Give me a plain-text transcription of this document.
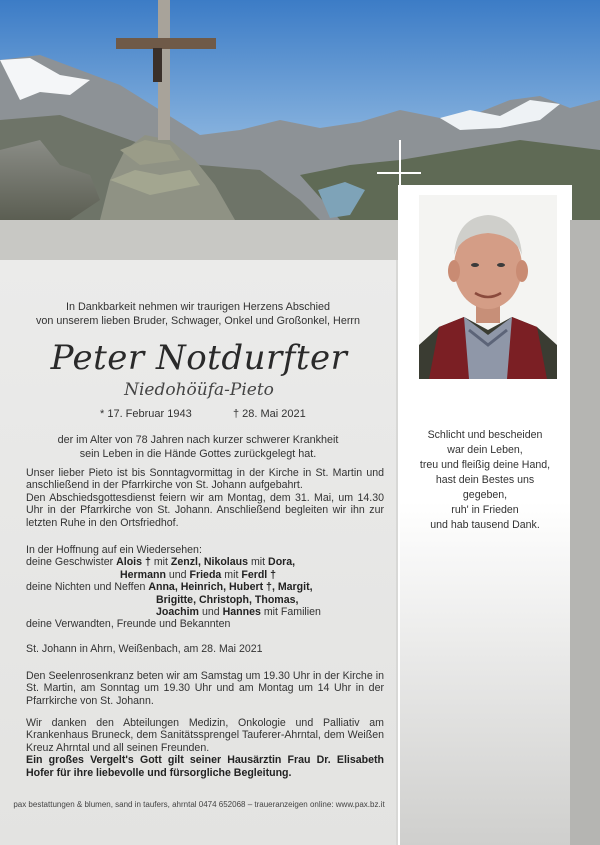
Schlicht und bescheiden
war dein Leben,
treu und fleißig deine Hand,
hast dein Bestes uns
gegeben,
ruh' in Frieden
und hab tausend Dank.
In Dankbarkeit nehmen wir traurigen Herzens Abschied
von unserem lieben Bruder, Schwager, Onkel und Großonkel, Herrn
Peter Notdurfter
Niedohöüfa-Pieto
* 17. Februar 1943	† 28. Mai 2021
der im Alter von 78 Jahren nach kurzer schwerer Krankheit
sein Leben in die Hände Gottes zurückgelegt hat.

Unser lieber Pieto ist bis Sonntagvormittag in der Kirche in St. Martin und anschließend in der Pfarrkirche von St. Johann aufgebahrt.

Den Abschiedsgottesdienst feiern wir am Montag, dem 31. Mai, um 14.30 Uhr in der Pfarrkirche von St. Johann. Anschließend begleiten wir ihn zur letzten Ruhe in den Ortsfriedhof.

In der Hoffnung auf ein Wiedersehen:
deine Geschwister Alois † mit Zenzl, Nikolaus mit Dora,
Hermann und Frieda mit Ferdl †
deine Nichten und Neffen Anna, Heinrich, Hubert †, Margit,
Brigitte, Christoph, Thomas,
Joachim und Hannes mit Familien
deine Verwandten, Freunde und Bekannten
St. Johann in Ahrn, Weißenbach, am 28. Mai 2021
Den Seelenrosenkranz beten wir am Samstag um 19.30 Uhr in der Kirche in St. Martin, am Sonntag um 19.30 Uhr und am Montag um 14 Uhr in der Pfarrkirche von St. Johann.

Wir danken den Abteilungen Medizin, Onkologie und Palliativ am Krankenhaus Bruneck, dem Sanitätssprengel Tauferer-Ahrntal, dem Weißen Kreuz Ahrntal und all seinen Freunden.

Ein großes Vergelt's Gott gilt seiner Hausärztin Frau Dr. Elisabeth Hofer für ihre liebevolle und fürsorgliche Begleitung.

pax bestattungen & blumen, sand in taufers, ahrntal 0474 652068 – traueranzeigen online: www.pax.bz.it
